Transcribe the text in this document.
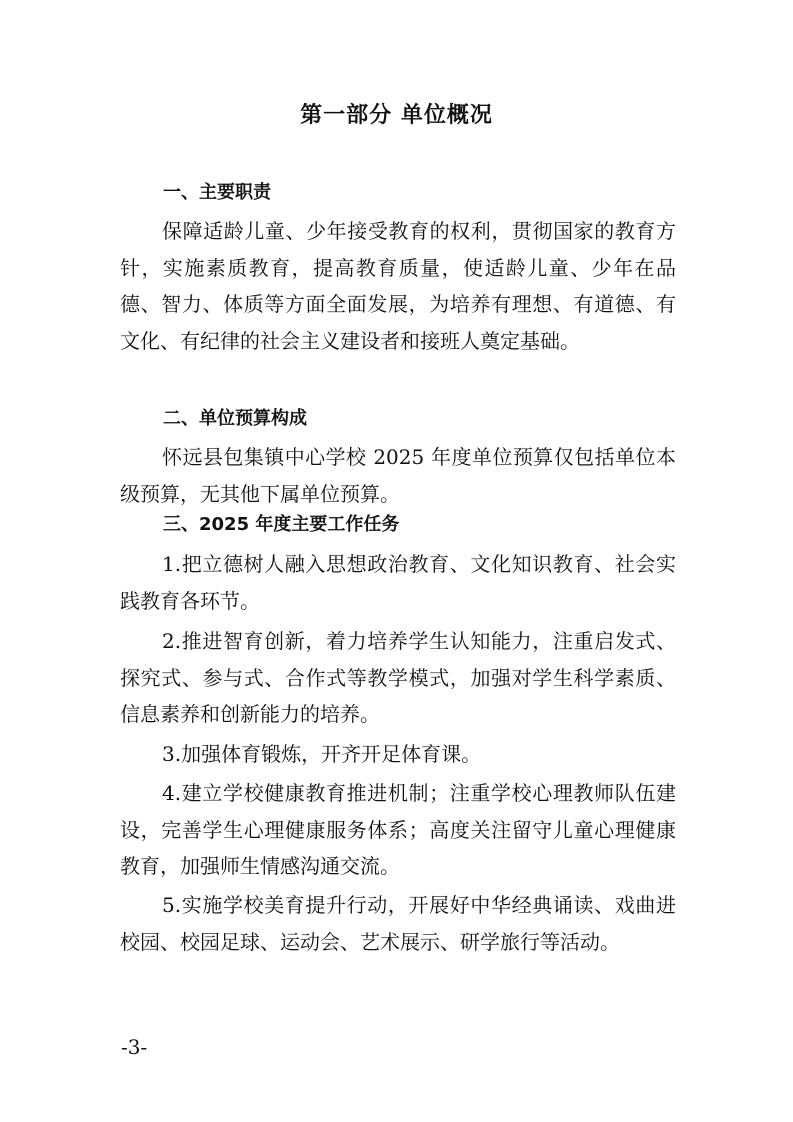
第一部分 单位概况
一、主要职责

保障适龄儿童、少年接受教育的权利，贯彻国家的教育方针，实施素质教育，提高教育质量，使适龄儿童、少年在品德、智力、体质等方面全面发展，为培养有理想、有道德、有文化、有纪律的社会主义建设者和接班人奠定基础。

二、单位预算构成

怀远县包集镇中心学校 2025 年度单位预算仅包括单位本级预算，无其他下属单位预算。

三、2025 年度主要工作任务

1.把立德树人融入思想政治教育、文化知识教育、社会实践教育各环节。

2.推进智育创新，着力培养学生认知能力，注重启发式、探究式、参与式、合作式等教学模式，加强对学生科学素质、信息素养和创新能力的培养。

3.加强体育锻炼，开齐开足体育课。

4.建立学校健康教育推进机制；注重学校心理教师队伍建设，完善学生心理健康服务体系；高度关注留守儿童心理健康教育，加强师生情感沟通交流。

5.实施学校美育提升行动，开展好中华经典诵读、戏曲进校园、校园足球、运动会、艺术展示、研学旅行等活动。

-3-
